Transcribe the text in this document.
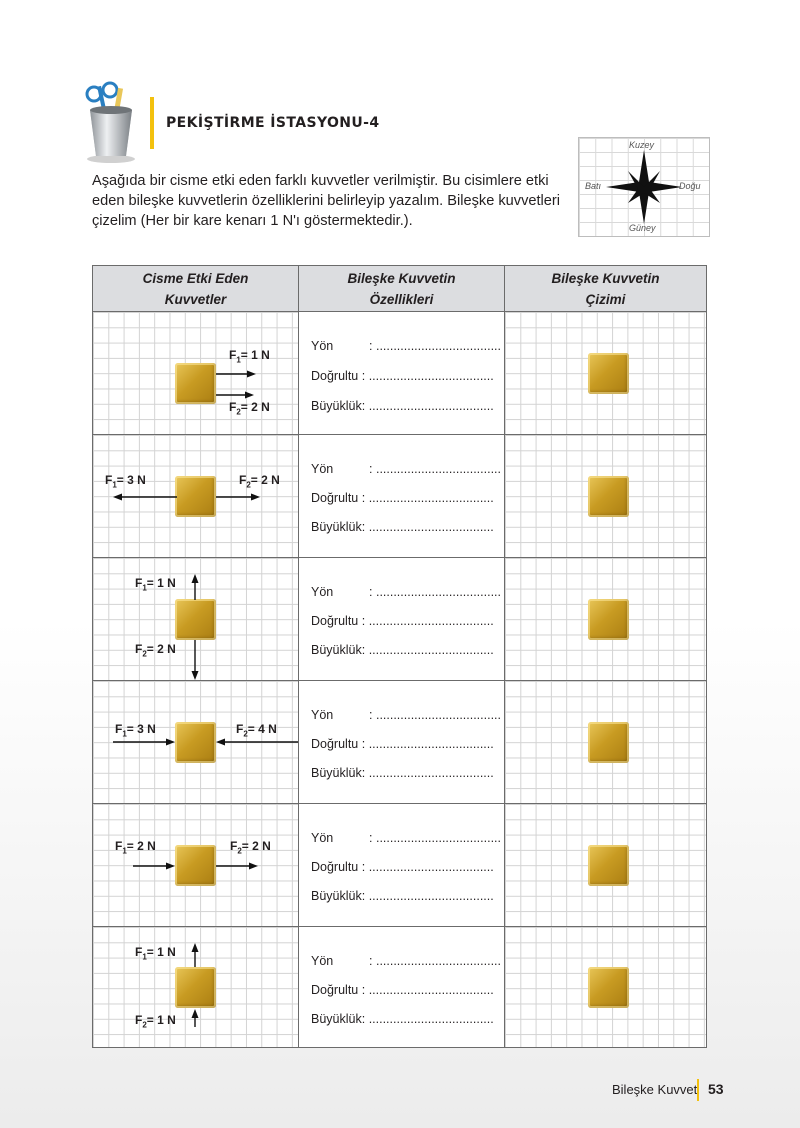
PEKİŞTİRME İSTASYONU-4
Aşağıda bir cisme etki eden farklı kuvvetler verilmiştir. Bu cisimlere etki eden bileşke kuvvetlerin özelliklerini belirleyip yazalım. Bileşke kuvvetleri çizelim (Her bir kare kenarı 1 N'ı göstermektedir.).
Kuzey
Güney
Batı	Doğu
Cisme Etki Eden
Kuvvetler
Bileşke Kuvvetin
Özellikleri
Bileşke Kuvvetin
Çizimi
$F_1= 1$ N
$F_2= 2$ N
Yön	: ....................................
Doğrultu : ....................................
Büyüklük: ....................................
$F_1= 3$ N	$F_2= 2$ N
Yön	: ....................................
Doğrultu : ....................................
Büyüklük: ....................................
$F_1= 1$ N
$F_2= 2$ N
Yön	: ....................................
Doğrultu : ....................................
Büyüklük: ....................................
$F_1= 3$ N	$F_2= 4$ N
Yön	: ....................................
Doğrultu : ....................................
Büyüklük: ....................................
$F_1= 2$ N	$F_2= 2$ N
Yön	: ....................................
Doğrultu : ....................................
Büyüklük: ....................................
$F_1= 1$ N
$F_2= 1$ N
Yön	: ....................................
Doğrultu : ....................................
Büyüklük: ....................................
Bileşke Kuvvet 53
